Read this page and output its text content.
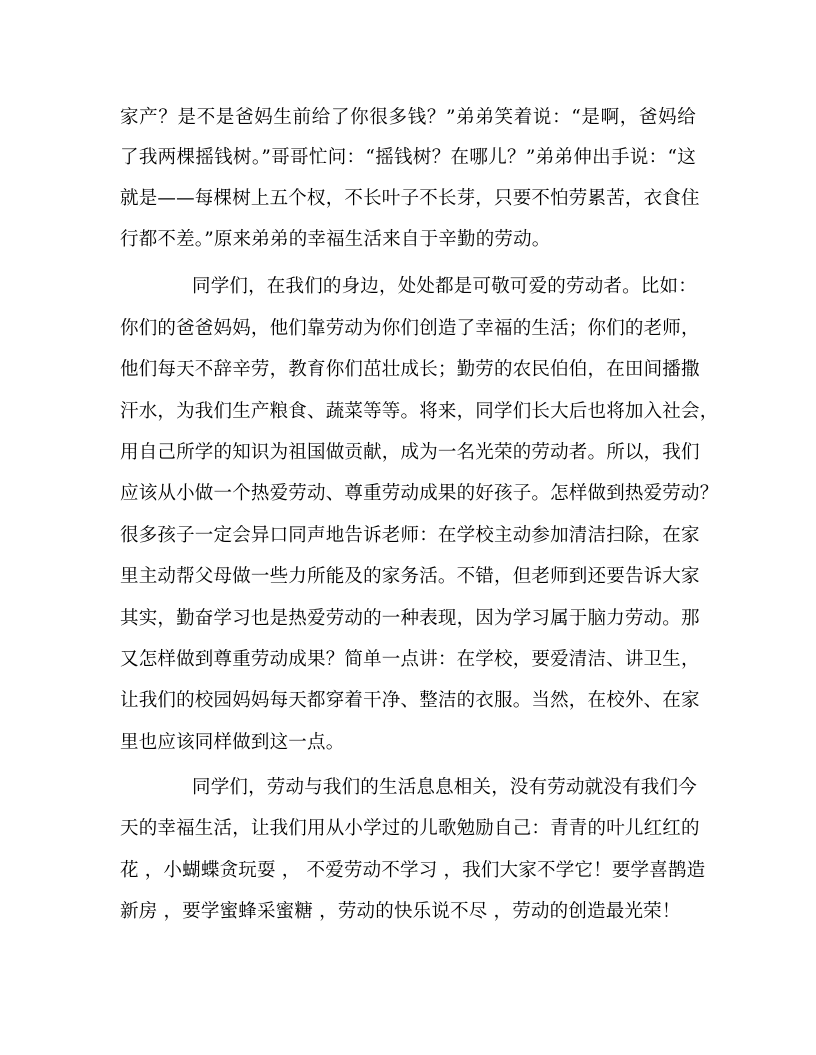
家产？是不是爸妈生前给了你很多钱？”弟弟笑着说：“是啊，爸妈给
了我两棵摇钱树。”哥哥忙问：“摇钱树？在哪儿？”弟弟伸出手说：“这
就是——每棵树上五个杈，不长叶子不长芽，只要不怕劳累苦，衣食住
行都不差。”原来弟弟的幸福生活来自于辛勤的劳动。
同学们，在我们的身边，处处都是可敬可爱的劳动者。比如：
你们的爸爸妈妈，他们靠劳动为你们创造了幸福的生活；你们的老师，
他们每天不辞辛劳，教育你们茁壮成长；勤劳的农民伯伯，在田间播撒
汗水，为我们生产粮食、蔬菜等等。将来，同学们长大后也将加入社会，
用自己所学的知识为祖国做贡献，成为一名光荣的劳动者。所以，我们
应该从小做一个热爱劳动、尊重劳动成果的好孩子。怎样做到热爱劳动？
很多孩子一定会异口同声地告诉老师：在学校主动参加清洁扫除，在家
里主动帮父母做一些力所能及的家务活。不错，但老师到还要告诉大家
其实，勤奋学习也是热爱劳动的一种表现，因为学习属于脑力劳动。那
又怎样做到尊重劳动成果？简单一点讲：在学校，要爱清洁、讲卫生，
让我们的校园妈妈每天都穿着干净、整洁的衣服。当然，在校外、在家
里也应该同样做到这一点。
同学们，劳动与我们的生活息息相关，没有劳动就没有我们今
天的幸福生活，让我们用从小学过的儿歌勉励自己：青青的叶儿红红的
花 ，小蝴蝶贪玩耍 ， 不爱劳动不学习 ，我们大家不学它！要学喜鹊造
新房 ，要学蜜蜂采蜜糖 ，劳动的快乐说不尽 ，劳动的创造最光荣！
